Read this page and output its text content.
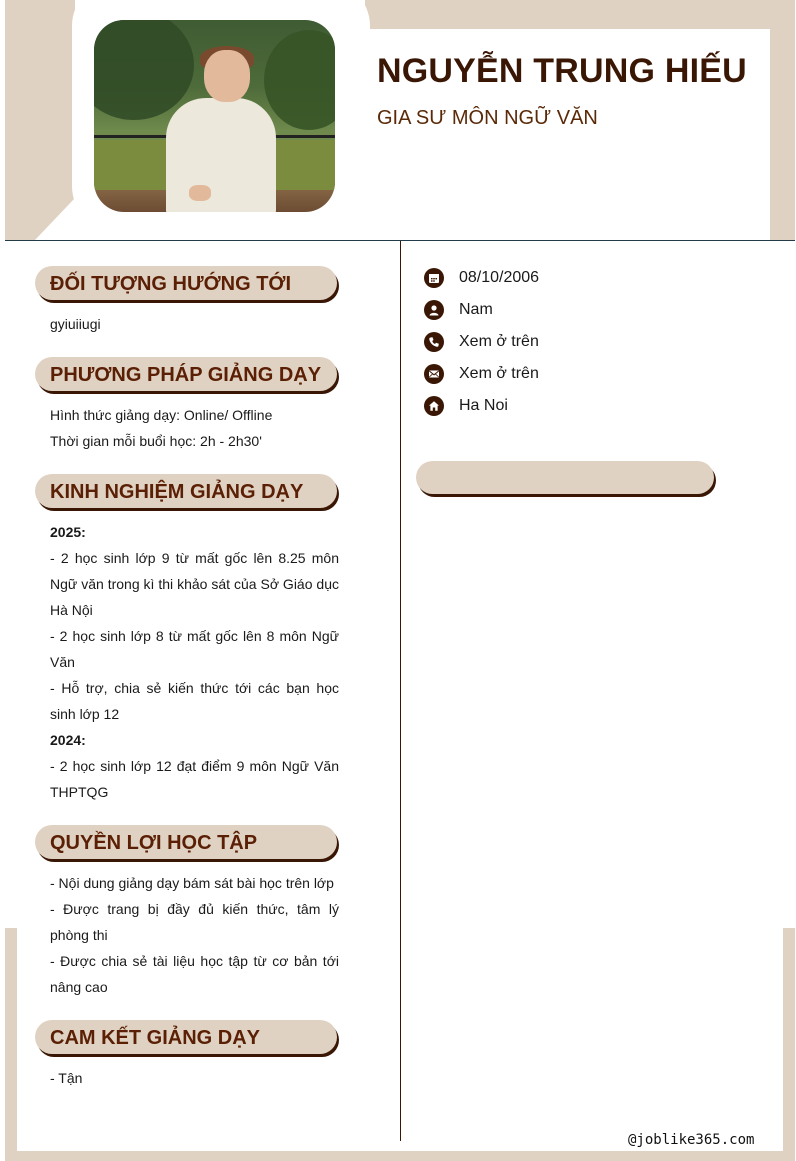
NGUYỄN TRUNG HIẾU
GIA SƯ MÔN NGỮ VĂN
ĐỐI TƯỢNG HƯỚNG TỚI
gyiuiiugi
PHƯƠNG PHÁP GIẢNG DẠY
Hình thức giảng dạy: Online/ Offline
Thời gian mỗi buổi học: 2h - 2h30'
KINH NGHIỆM GIẢNG DẠY
2025:
- 2 học sinh lớp 9 từ mất gốc lên 8.25 môn Ngữ văn trong kì thi khảo sát của Sở Giáo dục Hà Nội
- 2 học sinh lớp 8 từ mất gốc lên 8 môn Ngữ Văn
- Hỗ trợ, chia sẻ kiến thức tới các bạn học sinh lớp 12
2024:
- 2 học sinh lớp 12 đạt điểm 9 môn Ngữ Văn THPTQG
QUYỀN LỢI HỌC TẬP
- Nội dung giảng dạy bám sát bài học trên lớp
- Được trang bị đầy đủ kiến thức, tâm lý phòng thi
- Được chia sẻ tài liệu học tập từ cơ bản tới nâng cao
CAM KẾT GIẢNG DẠY
- Tận
08/10/2006
Nam
Xem ở trên
Xem ở trên
Ha Noi
@joblike365.com
